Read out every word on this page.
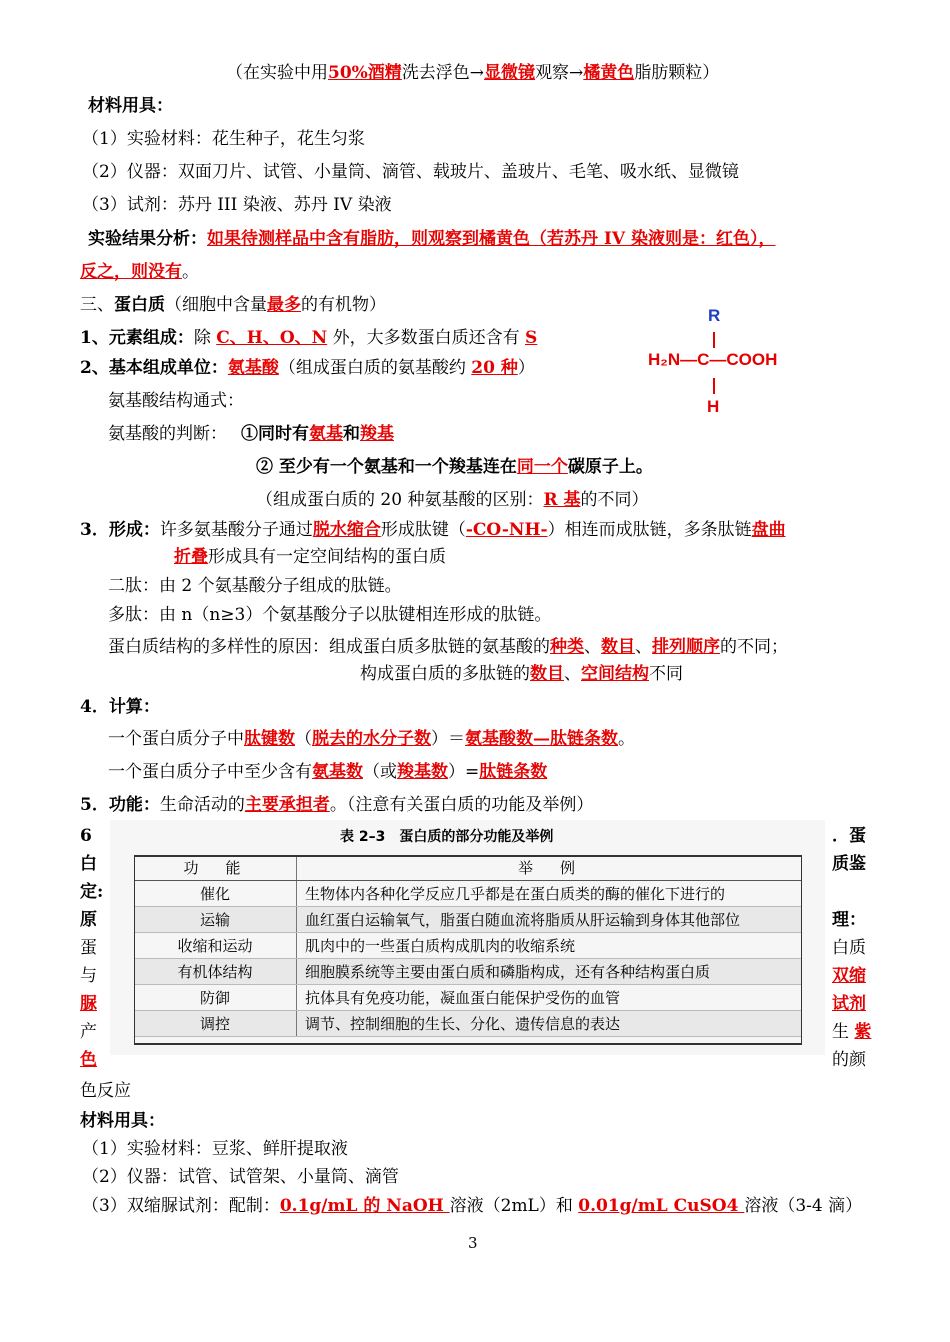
（在实验中用50%酒精洗去浮色→显微镜观察→橘黄色脂肪颗粒）
材料用具：
（1）实验材料：花生种子，花生匀浆
（2）仪器：双面刀片、试管、小量筒、滴管、载玻片、盖玻片、毛笔、吸水纸、显微镜
（3）试剂：苏丹 III 染液、苏丹 IV 染液
实验结果分析：如果待测样品中含有脂肪，则观察到橘黄色（若苏丹 IV 染液则是：红色），
反之，则没有。
三、蛋白质（细胞中含量最多的有机物）
1、元素组成：除 C、H、O、N 外，大多数蛋白质还含有 S
2、基本组成单位：氨基酸（组成蛋白质的氨基酸约 20 种）
氨基酸结构通式：
R
H₂N—C—COOH
H
氨基酸的判断： ①同时有氨基和羧基
② 至少有一个氨基和一个羧基连在同一个碳原子上。
（组成蛋白质的 20 种氨基酸的区别：R 基的不同）
3．形成：许多氨基酸分子通过脱水缩合形成肽键（-CO-NH-）相连而成肽链，多条肽链盘曲
折叠形成具有一定空间结构的蛋白质
二肽：由 2 个氨基酸分子组成的肽链。
多肽：由 n（n≥3）个氨基酸分子以肽键相连形成的肽链。
蛋白质结构的多样性的原因：组成蛋白质多肽链的氨基酸的种类、数目、排列顺序的不同；
构成蛋白质的多肽链的数目、空间结构不同
4．计算：
一个蛋白质分子中肽键数（脱去的水分子数）＝氨基酸数—肽链条数。
一个蛋白质分子中至少含有氨基数（或羧基数）=肽链条数
5．功能：生命活动的主要承担者。（注意有关蛋白质的功能及举例）
6
白
定:
原
蛋
与
脲
产
色
．蛋
质鉴
理：
白质
双缩
试剂
生 紫
的颜
表 2–3　蛋白质的部分功能及举例
功　能	举　例
催化	生物体内各种化学反应几乎都是在蛋白质类的酶的催化下进行的
运输	血红蛋白运输氧气，脂蛋白随血流将脂质从肝运输到身体其他部位
收缩和运动	肌肉中的一些蛋白质构成肌肉的收缩系统
有机体结构	细胞膜系统等主要由蛋白质和磷脂构成，还有各种结构蛋白质
防御	抗体具有免疫功能，凝血蛋白能保护受伤的血管
调控	调节、控制细胞的生长、分化、遗传信息的表达
色反应
材料用具：
（1）实验材料：豆浆、鲜肝提取液
（2）仪器：试管、试管架、小量筒、滴管
（3）双缩脲试剂：配制：0.1g/mL 的 NaOH 溶液（2mL）和 0.01g/mL CuSO4 溶液（3-4 滴）
3
